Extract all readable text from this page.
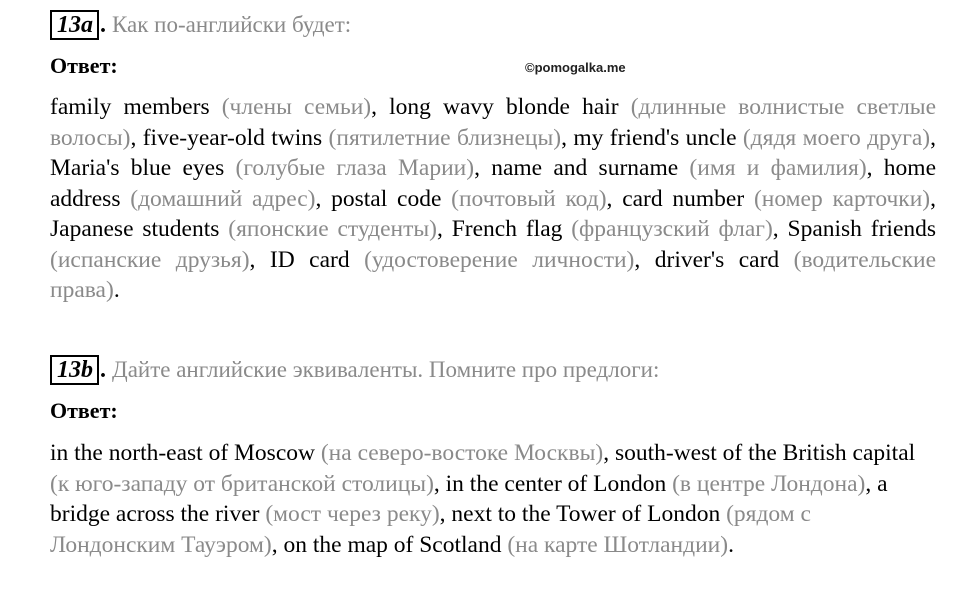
13a . Как по-английски будет:
Ответ:	©pomogalka.me

family members (члены семьи), long wavy blonde hair (длинные волнистые светлые волосы), five-year-old twins (пятилетние близнецы), my friend's uncle (дядя моего друга), Maria's blue eyes (голубые глаза Марии), name and surname (имя и фамилия), home address (домашний адрес), postal code (почтовый код), card number (номер карточки), Japanese students (японские студенты), French flag (французский флаг), Spanish friends (испанские друзья), ID card (удостоверение личности), driver's card (водительские права).

13b . Дайте английские эквиваленты. Помните про предлоги:
Ответ:

in the north-east of Moscow (на северо-востоке Москвы), south-west of the British capital (к юго-западу от британской столицы), in the center of London (в центре Лондона), a bridge across the river (мост через реку), next to the Tower of London (рядом с Лондонским Тауэром), on the map of Scotland (на карте Шотландии).
